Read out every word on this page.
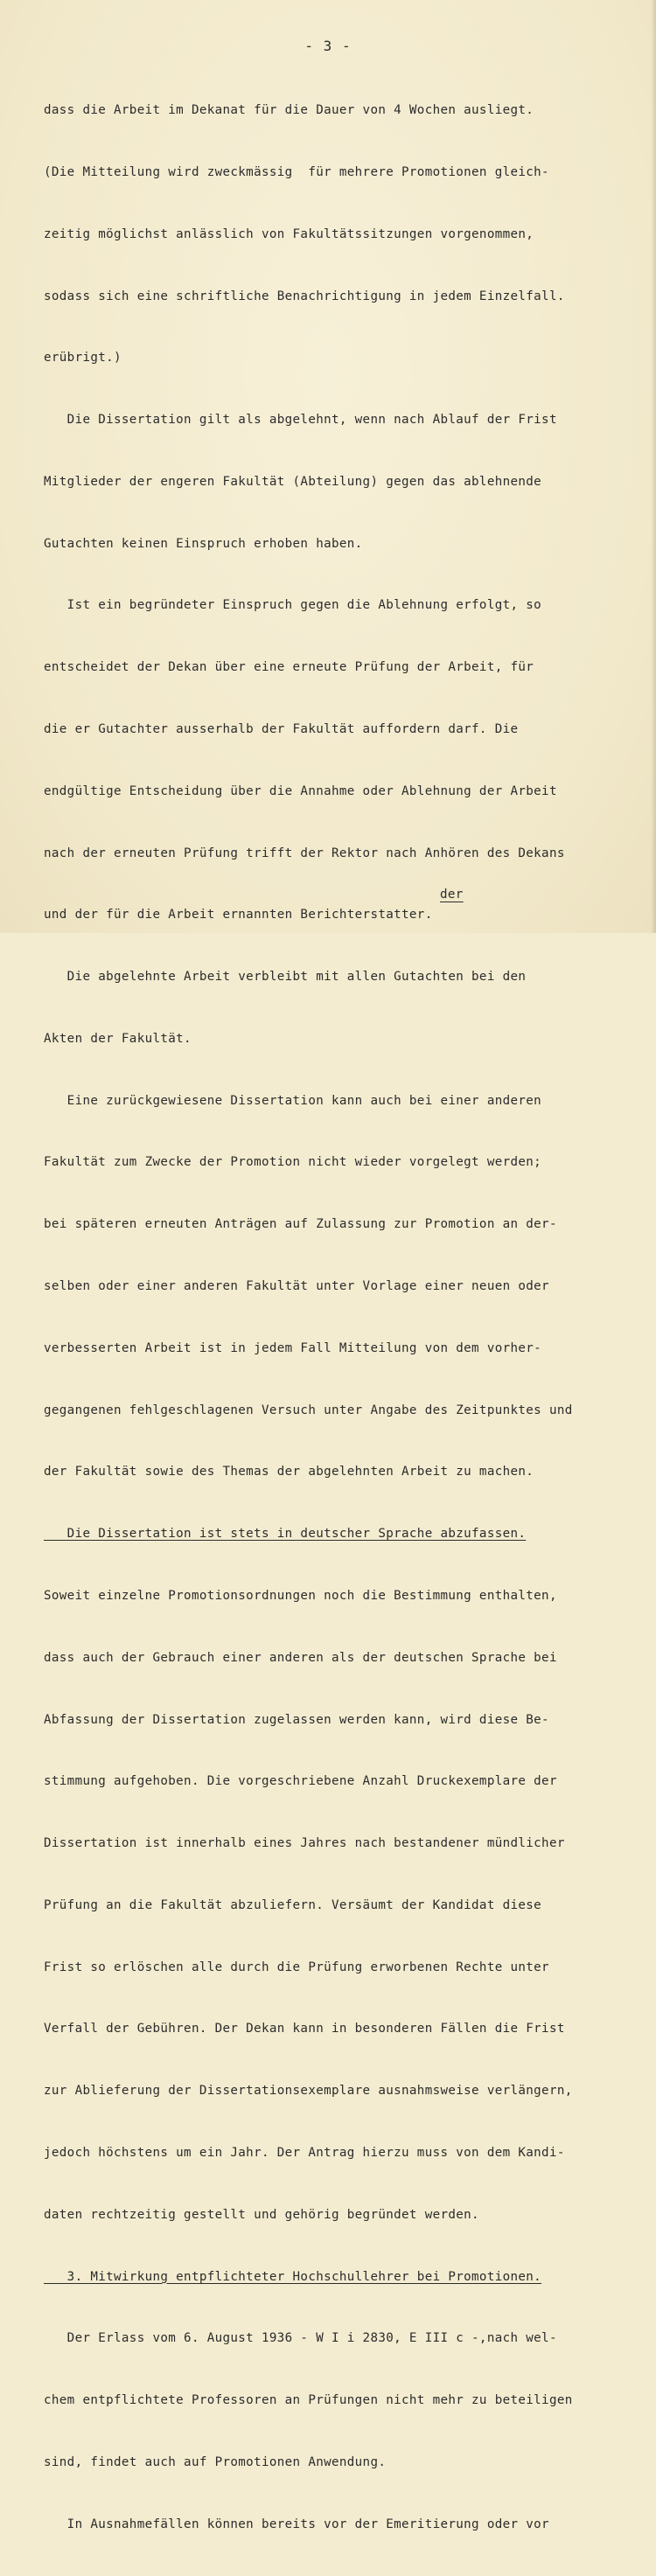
- 3 -

dass die Arbeit im Dekanat für die Dauer von 4 Wochen ausliegt.

(Die Mitteilung wird zweckmässig  für mehrere Promotionen gleich-

zeitig möglichst anlässlich von Fakultätssitzungen vorgenommen,

sodass sich eine schriftliche Benachrichtigung in jedem Einzelfall.

erübrigt.)

Die Dissertation gilt als abgelehnt, wenn nach Ablauf der Frist

Mitglieder der engeren Fakultät (Abteilung) gegen das ablehnende

Gutachten keinen Einspruch erhoben haben.

Ist ein begründeter Einspruch gegen die Ablehnung erfolgt, so

entscheidet der Dekan über eine erneute Prüfung der Arbeit, für

die er Gutachter ausserhalb der Fakultät auffordern darf. Die

endgültige Entscheidung über die Annahme oder Ablehnung der Arbeit

nach der erneuten Prüfung trifft der Rektor nach Anhören des Dekans

und der für die Arbeit ernannten Berichterstatter.

Die abgelehnte Arbeit verbleibt mit allen Gutachten bei den

Akten der Fakultät.

Eine zurückgewiesene Dissertation kann auch bei einer anderen

Fakultät zum Zwecke der Promotion nicht wieder vorgelegt werden;

bei späteren erneuten Anträgen auf Zulassung zur Promotion an der-

selben oder einer anderen Fakultät unter Vorlage einer neuen oder

verbesserten Arbeit ist in jedem Fall Mitteilung von dem vorher-

gegangenen fehlgeschlagenen Versuch unter Angabe des Zeitpunktes und

der Fakultät sowie des Themas der abgelehnten Arbeit zu machen.

Die Dissertation ist stets in deutscher Sprache abzufassen.

Soweit einzelne Promotionsordnungen noch die Bestimmung enthalten,

dass auch der Gebrauch einer anderen als der deutschen Sprache bei

Abfassung der Dissertation zugelassen werden kann, wird diese Be-

stimmung aufgehoben. Die vorgeschriebene Anzahl Druckexemplare der

Dissertation ist innerhalb eines Jahres nach bestandener mündlicher

Prüfung an die Fakultät abzuliefern. Versäumt der Kandidat diese

Frist so erlöschen alle durch die Prüfung erworbenen Rechte unter

Verfall der Gebühren. Der Dekan kann in besonderen Fällen die Frist

zur Ablieferung der Dissertationsexemplare ausnahmsweise verlängern,

jedoch höchstens um ein Jahr. Der Antrag hierzu muss von dem Kandi-

daten rechtzeitig gestellt und gehörig begründet werden.

3. Mitwirkung entpflichteter Hochschullehrer bei Promotionen.

Der Erlass vom 6. August 1936 - W I i 2830, E III c -,nach wel-

chem entpflichtete Professoren an Prüfungen nicht mehr zu beteiligen

sind, findet auch auf Promotionen Anwendung.

In Ausnahmefällen können bereits vor der Emeritierung oder vor

der
